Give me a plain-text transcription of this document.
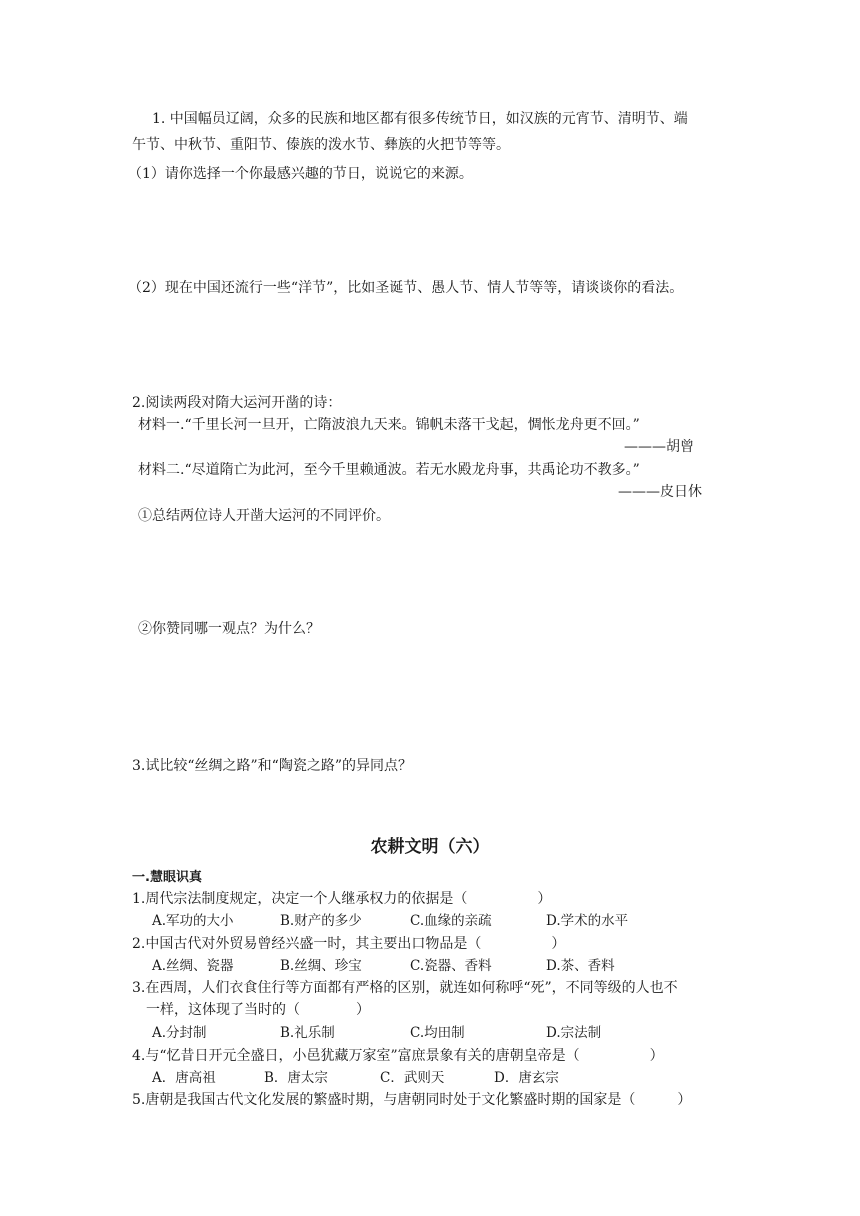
1. 中国幅员辽阔，众多的民族和地区都有很多传统节日，如汉族的元宵节、清明节、端
午节、中秋节、重阳节、傣族的泼水节、彝族的火把节等等。
（1）请你选择一个你最感兴趣的节日，说说它的来源。
（2）现在中国还流行一些“洋节”，比如圣诞节、愚人节、情人节等等，请谈谈你的看法。
2.阅读两段对隋大运河开凿的诗：
材料一.“千里长河一旦开，亡隋波浪九天来。锦帆未落干戈起，惆怅龙舟更不回。”
———胡曾
材料二.“尽道隋亡为此河，至今千里赖通波。若无水殿龙舟事，共禹论功不教多。”
———皮日休
①总结两位诗人开凿大运河的不同评价。
②你赞同哪一观点？为什么？
3.试比较“丝绸之路”和“陶瓷之路”的异同点？
农耕文明（六）
一.慧眼识真
1.周代宗法制度规定，决定一个人继承权力的依据是（　　　　　）
A.军功的大小	B.财产的多少	C.血缘的亲疏	D.学术的水平
2.中国古代对外贸易曾经兴盛一时，其主要出口物品是（　　　　　）
A.丝绸、瓷器	B.丝绸、珍宝	C.瓷器、香料	D.茶、香料
3.在西周，人们衣食住行等方面都有严格的区别，就连如何称呼“死”，不同等级的人也不
一样，这体现了当时的（　　　　）
A.分封制	B.礼乐制	C.均田制	D.宗法制
4.与“忆昔日开元全盛日，小邑犹藏万家室”富庶景象有关的唐朝皇帝是（　　　　　）
A．唐高祖	B．唐太宗	C．武则天	D．唐玄宗
5.唐朝是我国古代文化发展的繁盛时期，与唐朝同时处于文化繁盛时期的国家是（　　　）
